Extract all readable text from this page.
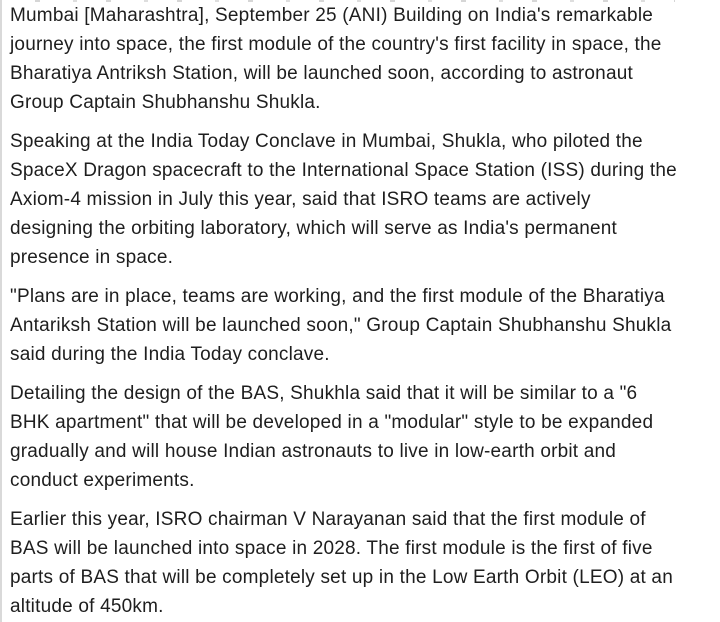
Mumbai [Maharashtra], September 25 (ANI) Building on India's remarkable
journey into space, the first module of the country's first facility in space, the
Bharatiya Antriksh Station, will be launched soon, according to astronaut
Group Captain Shubhanshu Shukla.
Speaking at the India Today Conclave in Mumbai, Shukla, who piloted the
SpaceX Dragon spacecraft to the International Space Station (ISS) during the
Axiom-4 mission in July this year, said that ISRO teams are actively
designing the orbiting laboratory, which will serve as India's permanent
presence in space.
"Plans are in place, teams are working, and the first module of the Bharatiya
Antariksh Station will be launched soon," Group Captain Shubhanshu Shukla
said during the India Today conclave.
Detailing the design of the BAS, Shukhla said that it will be similar to a "6
BHK apartment" that will be developed in a "modular" style to be expanded
gradually and will house Indian astronauts to live in low-earth orbit and
conduct experiments.
Earlier this year, ISRO chairman V Narayanan said that the first module of
BAS will be launched into space in 2028. The first module is the first of five
parts of BAS that will be completely set up in the Low Earth Orbit (LEO) at an
altitude of 450km.
